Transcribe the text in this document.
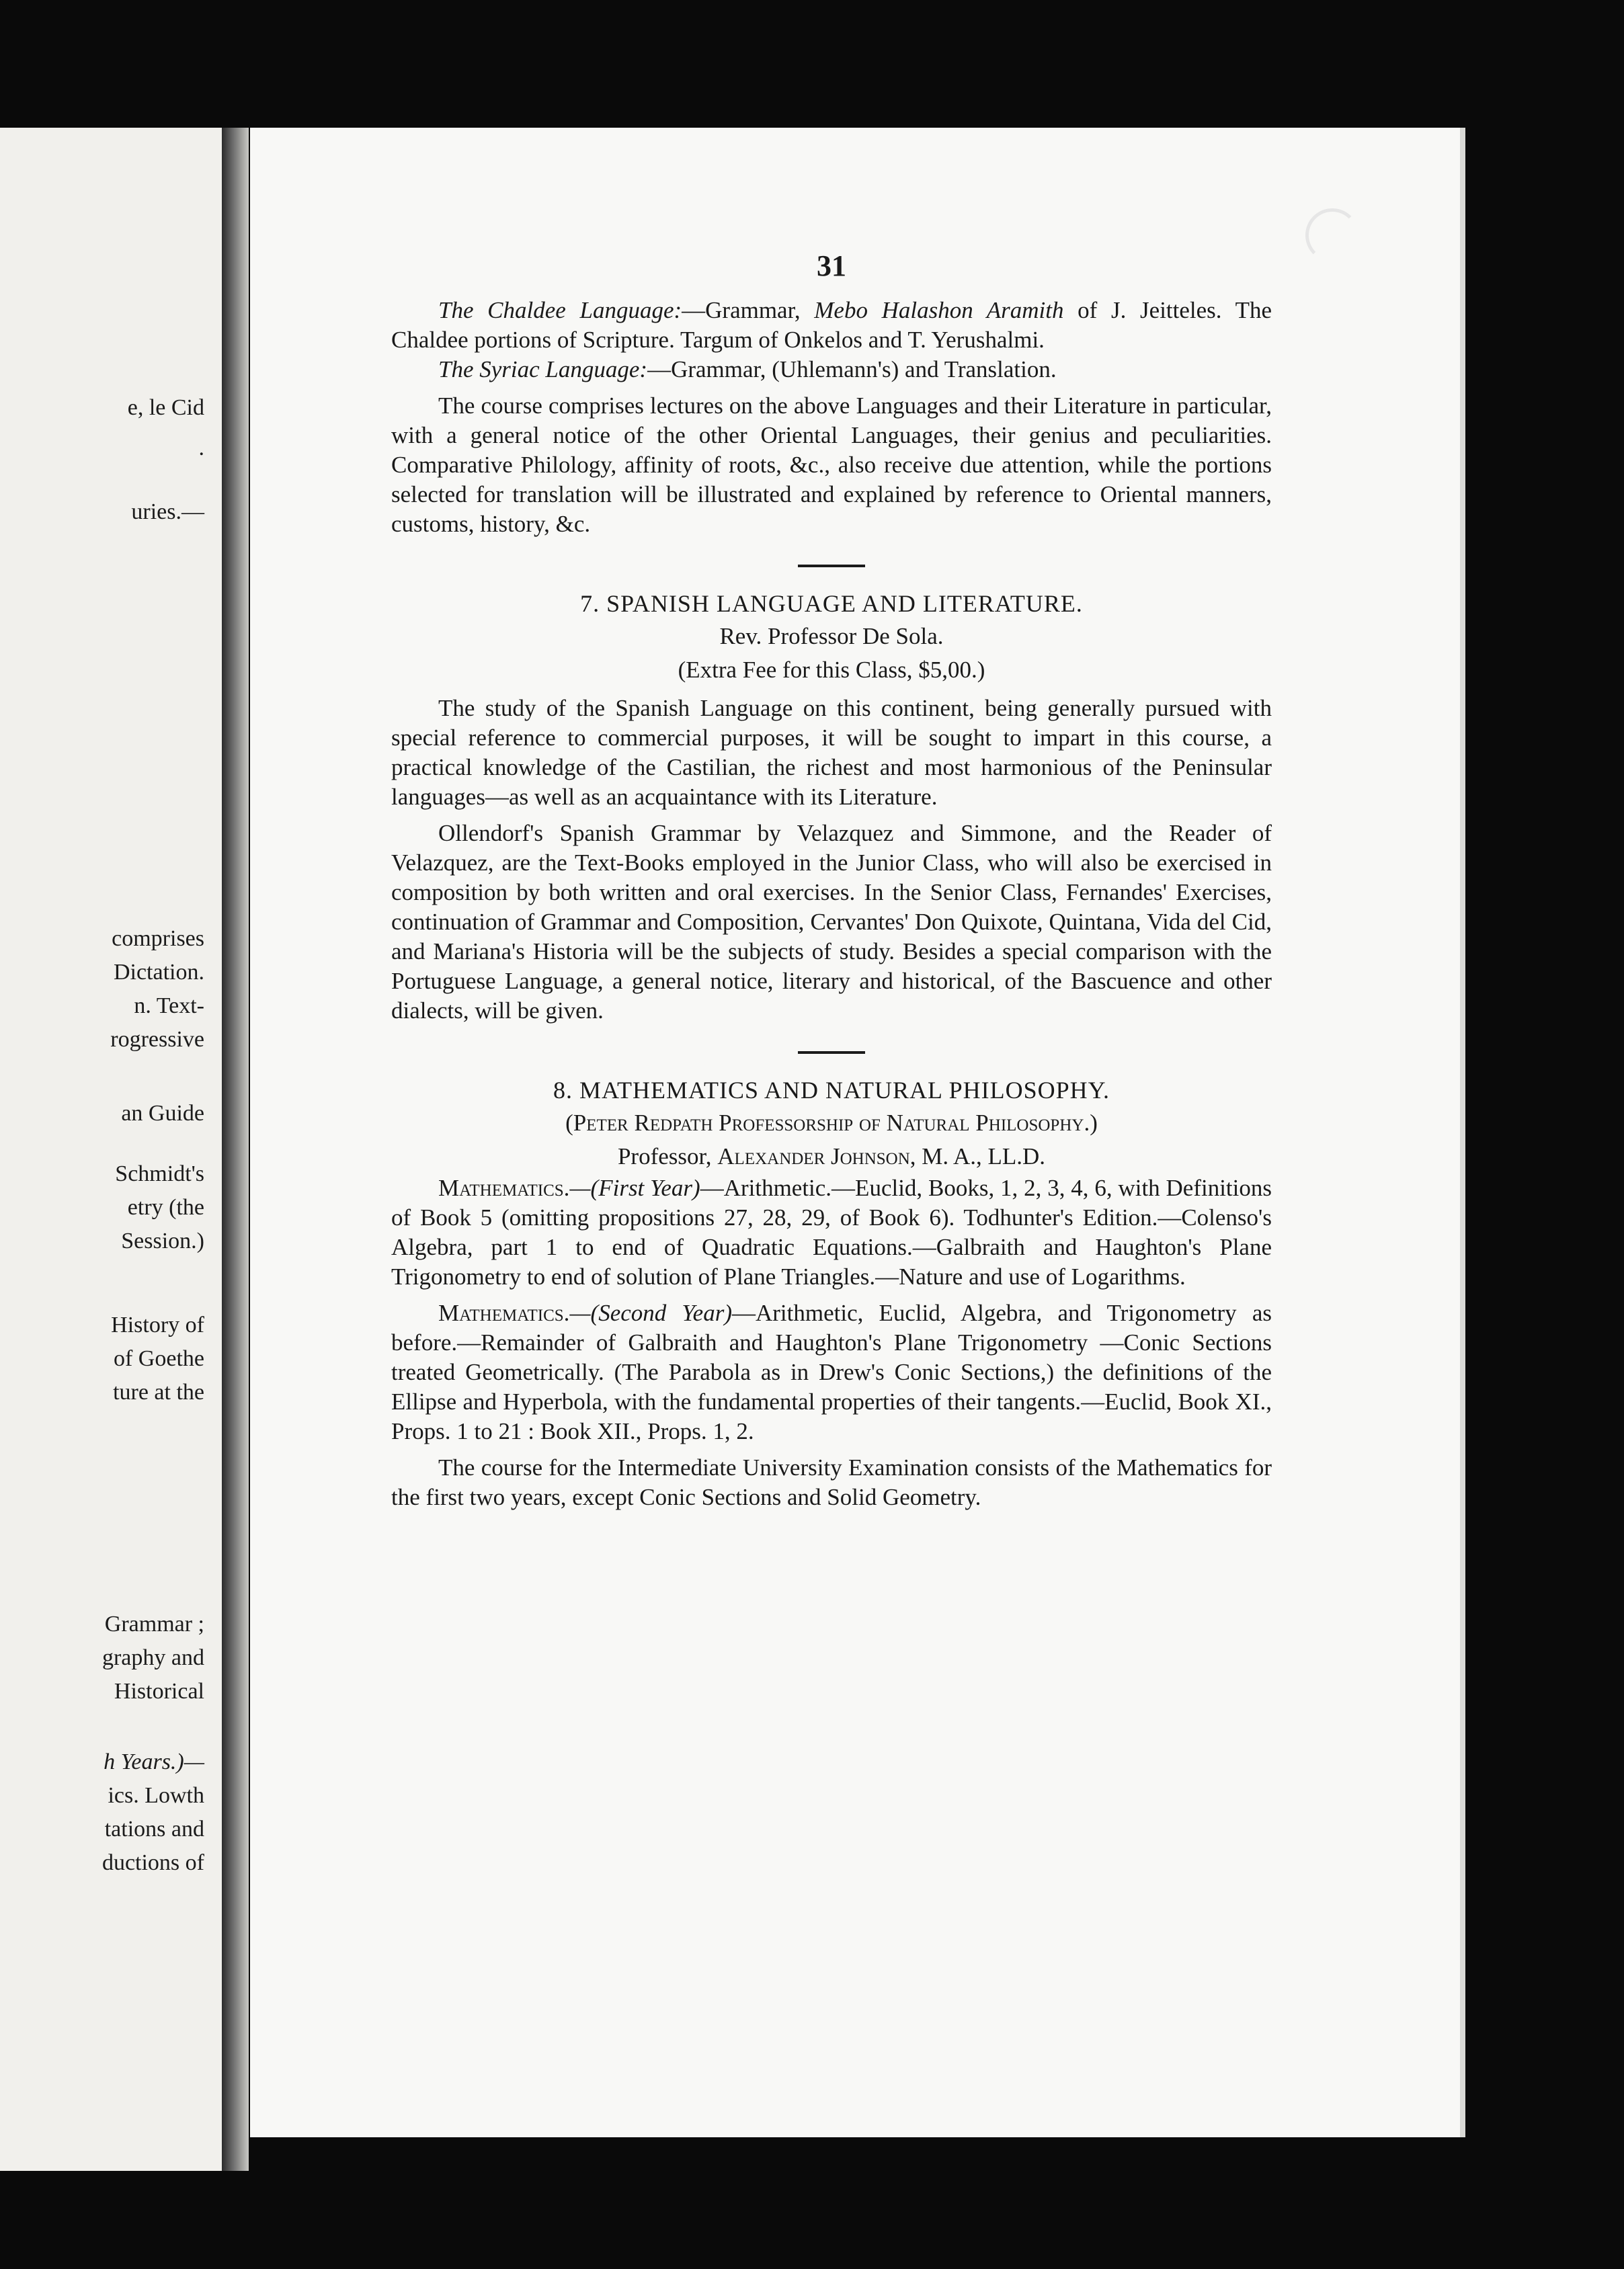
e, le Cid
.
uries.—
comprises
Dictation.
n. Text-
rogressive
an Guide
Schmidt's
etry (the
Session.)
History of
of Goethe
ture at the
Grammar ;
graphy and
Historical
h Years.)—
ics. Lowth
tations and
ductions of
31

The Chaldee Language:—Grammar, Mebo Halashon Aramith of J. Jeitteles. The Chaldee portions of Scripture. Targum of Onkelos and T. Yerushalmi.

The Syriac Language:—Grammar, (Uhlemann's) and Translation.

The course comprises lectures on the above Languages and their Literature in particular, with a general notice of the other Oriental Languages, their genius and peculiarities. Comparative Philology, affinity of roots, &c., also receive due attention, while the portions selected for translation will be illustrated and explained by reference to Oriental manners, customs, history, &c.

7. SPANISH LANGUAGE AND LITERATURE.
Rev. Professor De Sola.
(Extra Fee for this Class, $5,00.)

The study of the Spanish Language on this continent, being generally pursued with special reference to commercial purposes, it will be sought to impart in this course, a practical knowledge of the Castilian, the richest and most harmonious of the Peninsular languages—as well as an acquaintance with its Literature.

Ollendorf's Spanish Grammar by Velazquez and Simmone, and the Reader of Velazquez, are the Text-Books employed in the Junior Class, who will also be exercised in composition by both written and oral exercises. In the Senior Class, Fernandes' Exercises, continuation of Grammar and Composition, Cervantes' Don Quixote, Quintana, Vida del Cid, and Mariana's Historia will be the subjects of study. Besides a special comparison with the Portuguese Language, a general notice, literary and historical, of the Bascuence and other dialects, will be given.

8. MATHEMATICS AND NATURAL PHILOSOPHY.
(Peter Redpath Professorship of Natural Philosophy.)
Professor, Alexander Johnson, M. A., LL.D.

Mathematics.—(First Year)—Arithmetic.—Euclid, Books, 1, 2, 3, 4, 6, with Definitions of Book 5 (omitting propositions 27, 28, 29, of Book 6). Todhunter's Edition.—Colenso's Algebra, part 1 to end of Quadratic Equations.—Galbraith and Haughton's Plane Trigonometry to end of solution of Plane Triangles.—Nature and use of Logarithms.

Mathematics.—(Second Year)—Arithmetic, Euclid, Algebra, and Trigonometry as before.—Remainder of Galbraith and Haughton's Plane Trigonometry —Conic Sections treated Geometrically. (The Parabola as in Drew's Conic Sections,) the definitions of the Ellipse and Hyperbola, with the fundamental properties of their tangents.—Euclid, Book XI., Props. 1 to 21 : Book XII., Props. 1, 2.

The course for the Intermediate University Examination consists of the Mathematics for the first two years, except Conic Sections and Solid Geometry.
